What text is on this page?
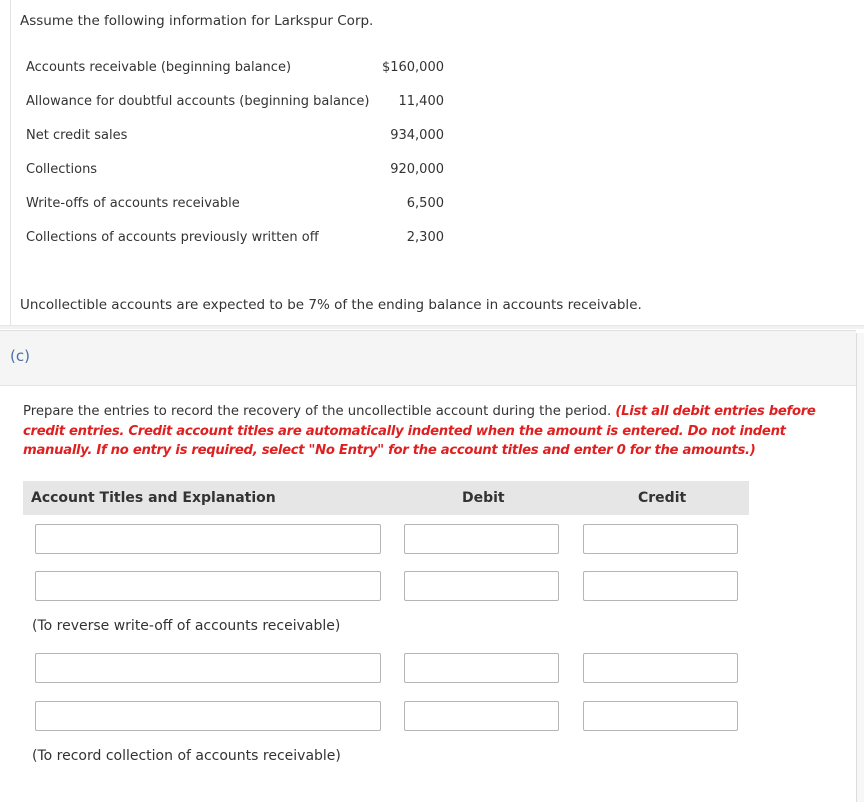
Assume the following information for Larkspur Corp.
Accounts receivable (beginning balance)	$160,000
Allowance for doubtful accounts (beginning balance) 11,400
Net credit sales	934,000
Collections	920,000
Write-offs of accounts receivable	6,500
Collections of accounts previously written off	2,300
Uncollectible accounts are expected to be 7% of the ending balance in accounts receivable.
(c)
Prepare the entries to record the recovery of the uncollectible account during the period. (List all debit entries before credit entries. Credit account titles are automatically indented when the amount is entered. Do not indent manually. If no entry is required, select "No Entry" for the account titles and enter 0 for the amounts.)
Account Titles and Explanation	Debit	Credit
(To reverse write-off of accounts receivable)
(To record collection of accounts receivable)
